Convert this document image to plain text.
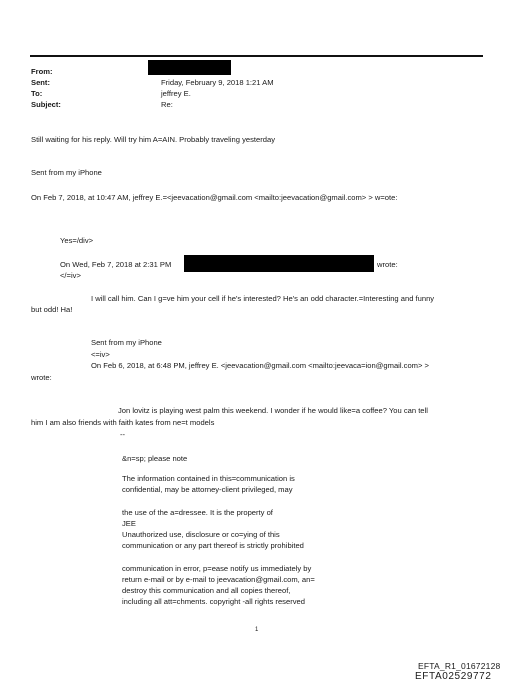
From:
Sent:	Friday, February 9, 2018 1:21 AM
To:	jeffrey E.
Subject:	Re:
Still waiting for his reply. Will try him A=AIN. Probably traveling yesterday
Sent from my iPhone
On Feb 7, 2018, at 10:47 AM, jeffrey E.=<jeevacation@gmail.com <mailto:jeevacation@gmail.com> > w=ote:
Yes=/div>
On Wed, Feb 7, 2018 at 2:31 PM	wrote:
</=iv>
I will call him. Can I g=ve him your cell if he's interested? He's an odd character.=Interesting and funny
but odd! Ha!
Sent from my iPhone
<=iv>
On Feb 6, 2018, at 6:48 PM, jeffrey E. <jeevacation@gmail.com <mailto:jeevaca=ion@gmail.com> >
wrote:
Jon lovitz is playing west palm this weekend. I wonder if he would like=a coffee? You can tell
him I am also friends with faith kates from ne=t models
--
&n=sp; please note
The information contained in this=communication is
confidential, may be attorney-client privileged, may
the use of the a=dressee. It is the property of
JEE
Unauthorized use, disclosure or co=ying of this
communication or any part thereof is strictly prohibited
communication in error, p=ease notify us immediately by
return e-mail or by e-mail to jeevacation@gmail.com, an=
destroy this communication and all copies thereof,
including all att=chments. copyright -all rights reserved
1
EFTA_R1_01672128
EFTA02529772
